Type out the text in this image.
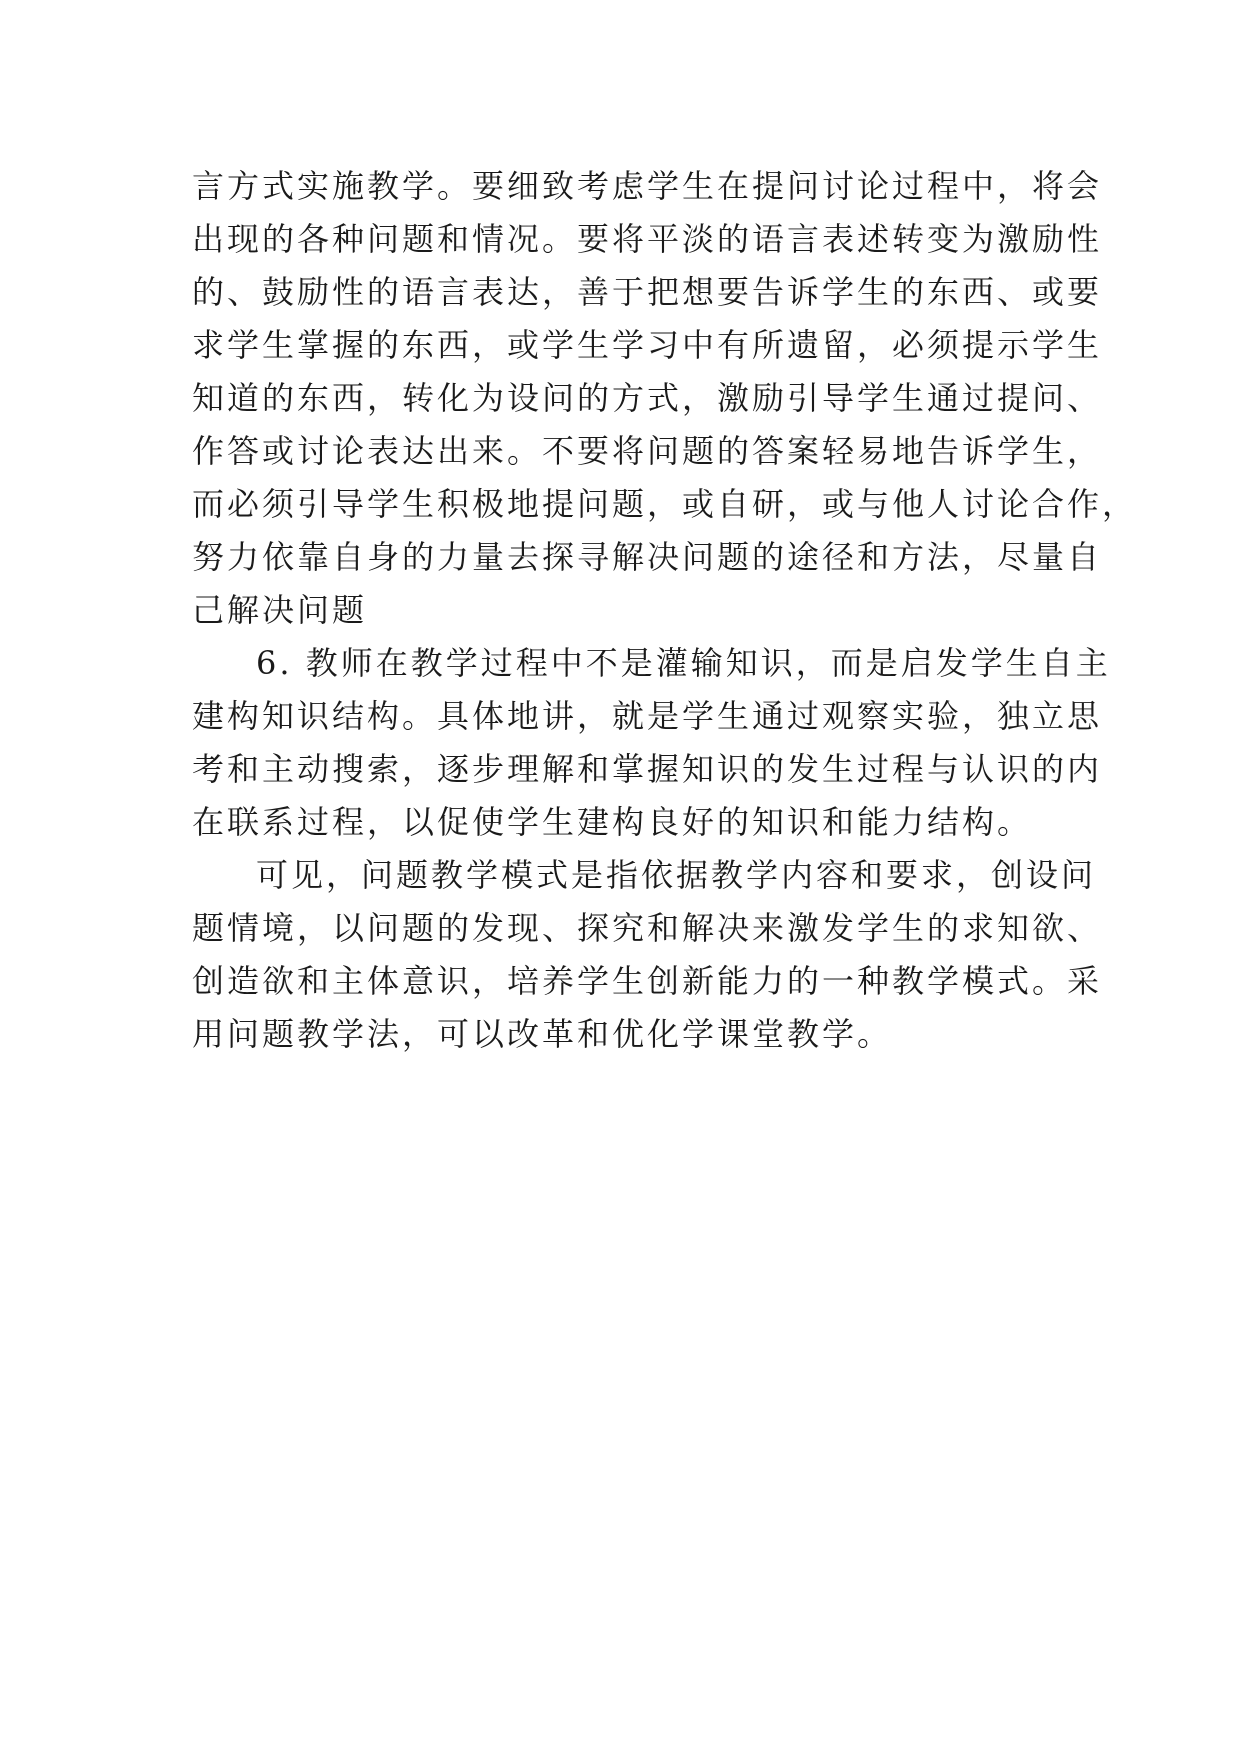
言方式实施教学。要细致考虑学生在提问讨论过程中，将会
出现的各种问题和情况。要将平淡的语言表述转变为激励性
的、鼓励性的语言表达，善于把想要告诉学生的东西、或要
求学生掌握的东西，或学生学习中有所遗留，必须提示学生
知道的东西，转化为设问的方式，激励引导学生通过提问、
作答或讨论表达出来。不要将问题的答案轻易地告诉学生，
而必须引导学生积极地提问题，或自研，或与他人讨论合作，
努力依靠自身的力量去探寻解决问题的途径和方法，尽量自
己解决问题
6. 教师在教学过程中不是灌输知识，而是启发学生自主
建构知识结构。具体地讲，就是学生通过观察实验，独立思
考和主动搜索，逐步理解和掌握知识的发生过程与认识的内
在联系过程，以促使学生建构良好的知识和能力结构。
可见，问题教学模式是指依据教学内容和要求，创设问
题情境，以问题的发现、探究和解决来激发学生的求知欲、
创造欲和主体意识，培养学生创新能力的一种教学模式。采
用问题教学法，可以改革和优化学课堂教学。
